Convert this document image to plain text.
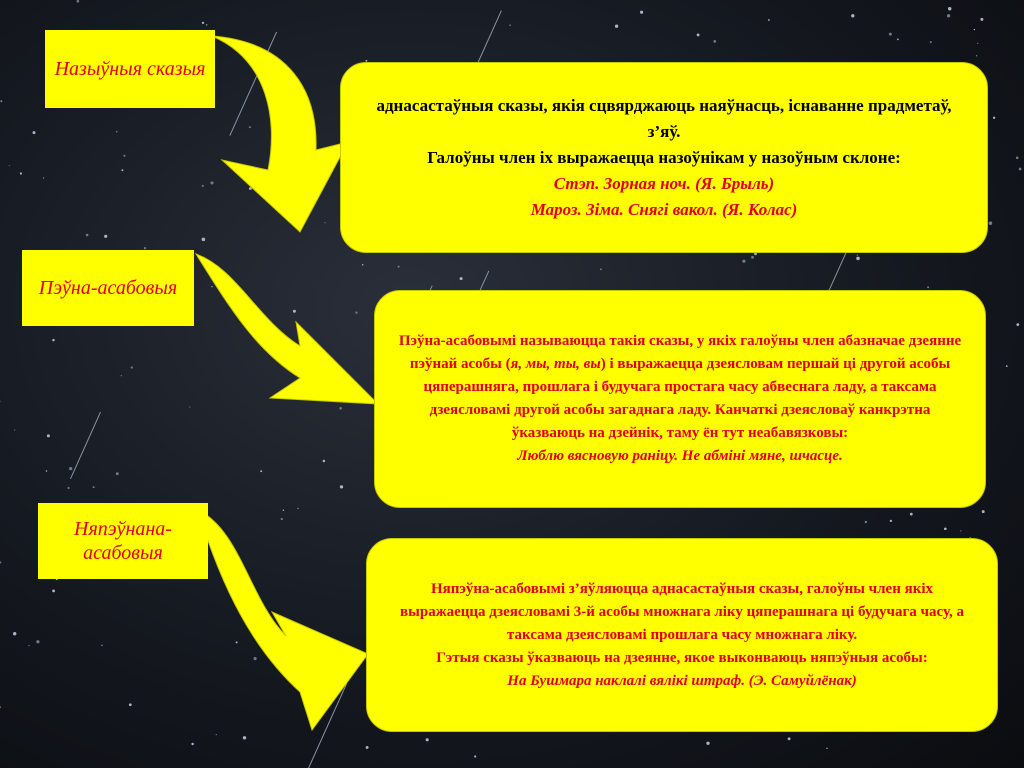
Назыўныя сказыя
Пэўна-асабовыя
Няпэўнана-асабовыя

аднасастаўныя сказы, якія сцвярджаюць наяўнасць, існаванне прадметаў, з’яў.

Галоўны член іх выражаецца назоўнікам у назоўным склоне:

Стэп. Зорная ноч. (Я. Брыль)

Мароз. Зіма. Снягі вакол. (Я. Колас)

Пэўна-асабовымі называюцца такія сказы, у якіх галоўны член абазначае дзеянне пэўнай асобы (я, мы, ты, вы) і выражаецца дзеясловам першай ці другой асобы цяперашняга, прошлага і будучага простага часу абвеснага ладу, а таксама дзеясловамі другой асобы загаднага ладу. Канчаткі дзеясловаў канкрэтна ўказваюць на дзейнік, таму ён тут неабавязковы:

Люблю вясновую раніцу. Не абміні мяне, шчасце.

Няпэўна-асабовымі з’яўляюцца аднасастаўныя сказы, галоўны член якіх выражаецца дзеясловамі 3-й асобы множнага ліку цяперашнага ці будучага часу, а таксама дзеясловамі прошлага часу множнага ліку.

Гэтыя сказы ўказваюць на дзеянне, якое выконваюць няпэўныя асобы:

На Бушмара наклалі вялікі штраф. (Э. Самуйлёнак)
